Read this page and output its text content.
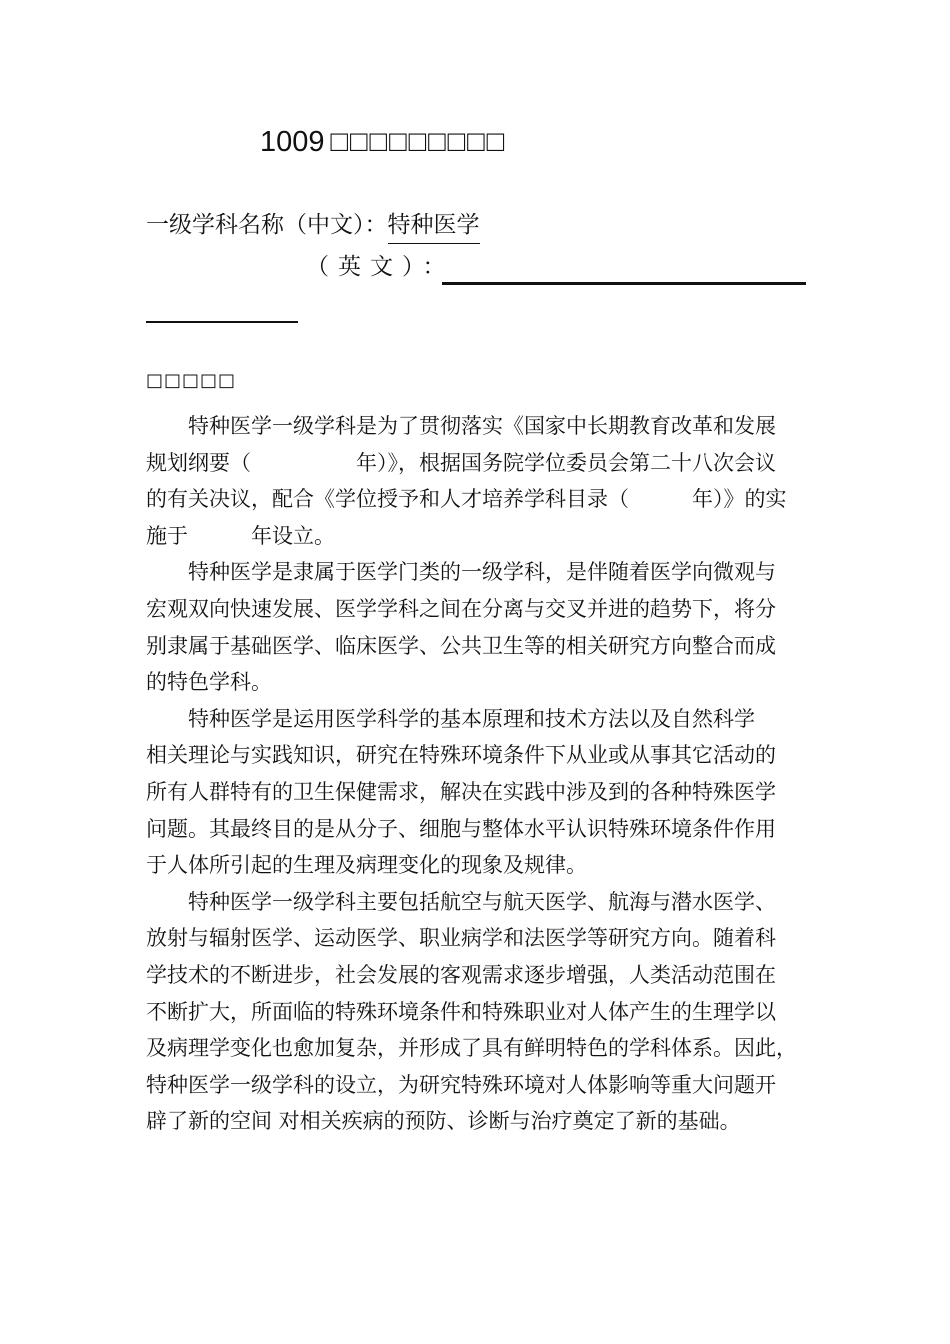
1009 □□□□□□□□□
一级学科名称（中文）：特种医学
（英文）：
□□□□□
特种医学一级学科是为了贯彻落实《国家中长期教育改革和发展
规划纲要（　　　　　年）》，根据国务院学位委员会第二十八次会议
的有关决议，配合《学位授予和人才培养学科目录（　　　年）》的实
施于　　　年设立。
特种医学是隶属于医学门类的一级学科，是伴随着医学向微观与
宏观双向快速发展、医学学科之间在分离与交叉并进的趋势下，将分
别隶属于基础医学、临床医学、公共卫生等的相关研究方向整合而成
的特色学科。
特种医学是运用医学科学的基本原理和技术方法以及自然科学
相关理论与实践知识，研究在特殊环境条件下从业或从事其它活动的
所有人群特有的卫生保健需求，解决在实践中涉及到的各种特殊医学
问题。其最终目的是从分子、细胞与整体水平认识特殊环境条件作用
于人体所引起的生理及病理变化的现象及规律。
特种医学一级学科主要包括航空与航天医学、航海与潜水医学、
放射与辐射医学、运动医学、职业病学和法医学等研究方向。随着科
学技术的不断进步，社会发展的客观需求逐步增强，人类活动范围在
不断扩大，所面临的特殊环境条件和特殊职业对人体产生的生理学以
及病理学变化也愈加复杂，并形成了具有鲜明特色的学科体系。因此，
特种医学一级学科的设立，为研究特殊环境对人体影响等重大问题开
辟了新的空间 对相关疾病的预防、诊断与治疗奠定了新的基础。
